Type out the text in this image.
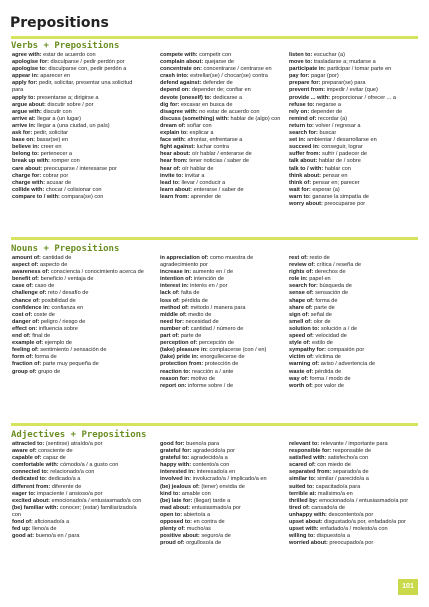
Prepositions
Verbs + Prepositions
agree with: estar de acuerdo con
apologise for: disculparse / pedir perdón por
apologise to: disculparse con, pedir perdón a
appear in: aparecer en
apply for: pedir, solicitar, presentar una solicitud para
apply to: presentarse a; dirigirse a
argue about: discutir sobre / por
argue with: discutir con
arrive at: llegar a (un lugar)
arrive in: llegar a (una ciudad, un país)
ask for: pedir, solicitar
base on: basar(se) en
believe in: creer en
belong to: pertenecer a
break up with: romper con
care about: preocuparse / interesarse por
charge for: cobrar por
charge with: acusar de
collide with: chocar / colisionar con
compare to / with: compara(se) con
compete with: competir con
complain about: quejarse de
concentrate on: concentrarse / centrarse en
crash into: estrellar(se) / chocar(se) contra
defend against: defender de
depend on: depender de; confiar en
devote (oneself) to: dedicarse a
dig for: excavar en busca de
disagree with: no estar de acuerdo con
discuss (something) with: hablar de (algo) con
dream of: soñar con
explain to: explicar a
face with: afrontar, enfrentarse a
fight against: luchar contra
hear about: oír hablar / enterarse de
hear from: tener noticias / saber de
hear of: oír hablar de
invite to: invitar a
lead to: llevar / conducir a
learn about: enterarse / saber de
learn from: aprender de
listen to: escuchar (a)
move to: trasladarse a; mudarse a
participate in: participar / tomar parte en
pay for: pagar (por)
prepare for: preparar(se) para
prevent from: impedir / evitar (que)
provide ... with: proporcionar / ofrecer ... a
refuse to: negarse a
rely on: depender de
remind of: recordar (a)
return to: volver / regresar a
search for: buscar
set in: ambientar / desarrollarse en
succeed in: conseguir, lograr
suffer from: sufrir / padecer de
talk about: hablar de / sobre
talk to / with: hablar con
think about: pensar en
think of: pensar en; parecer
wait for: esperar (a)
warn to: ganarse la simpatía de
worry about: preocuparse por
Nouns + Prepositions
amount of: cantidad de
aspect of: aspecto de
awareness of: consciencia / conocimiento acerca de
benefit of: beneficio / ventaja de
case of: caso de
challenge of: reto / desafío de
chance of: posibilidad de
confidence in: confianza en
cost of: coste de
danger of: peligro / riesgo de
effect on: influencia sobre
end of: final de
example of: ejemplo de
feeling of: sentimiento / sensación de
form of: forma de
fraction of: parte muy pequeña de
group of: grupo de
in appreciation of: como muestra de agradecimiento por
increase in: aumento en / de
intention of: intención de
interest in: interés en / por
lack of: falta de
loss of: pérdida de
method of: método / manera para
middle of: medio de
need for: necesidad de
number of: cantidad / número de
part of: parte de
perception of: percepción de
(take) pleasure in: complacerse (con / en)
(take) pride in: enorgullecerse de
protection from: protección de
reaction to: reacción a / ante
reason for: motivo de
report on: informe sobre / de
rest of: resto de
review of: crítica / reseña de
rights of: derechos de
role in: papel en
search for: búsqueda de
sense of: sensación de
shape of: forma de
share of: parte de
sign of: señal de
smell of: olor de
solution to: solución a / de
speed of: velocidad de
style of: estilo de
sympathy for: compasión por
victim of: víctima de
warning of: aviso / advertencia de
waste of: pérdida de
way of: forma / modo de
worth of: por valor de
Adjectives + Prepositions
attracted to: (sentirse) atraído/a por
aware of: consciente de
capable of: capaz de
comfortable with: cómodo/a / a gusto con
connected to: relacionado/a con
dedicated to: dedicado/a a
different from: diferente de
eager to: impaciente / ansioso/a por
excited about: emocionado/a / entusiasmado/a con
(be) familiar with: conocer; (estar) familiarizado/a con
fond of: aficionado/a a
fed up: lleno/a de
good at: bueno/a en / para
good for: bueno/a para
grateful for: agradecido/a por
grateful to: agradecido/a a
happy with: contento/a con
interested in: interesado/a en
involved in: involucrado/a / implicado/a en
(be) jealous of: (tener) envidia de
kind to: amable con
(be) late for: (llegar) tarde a
mad about: entusiasmado/a por
open to: abierto/a a
opposed to: en contra de
plenty of: mucho/as
positive about: seguro/a de
proud of: orgulloso/a de
relevant to: relevante / importante para
responsible for: responsable de
satisfied with: satisfecho/a con
scared of: con miedo de
separated from: separado/a de
similar to: similar / parecido/a a
suited to: capacitado/a para
terrible at: malísimo/a en
thrilled by: emocionado/a / entusiasmado/a por
tired of: cansado/a de
unhappy with: descontento/a por
upset about: disgustado/a por, enfadado/a por
upset with: enfadado/a / molesto/a con
willing to: dispuesto/a a
worried about: preocupado/a por
101
